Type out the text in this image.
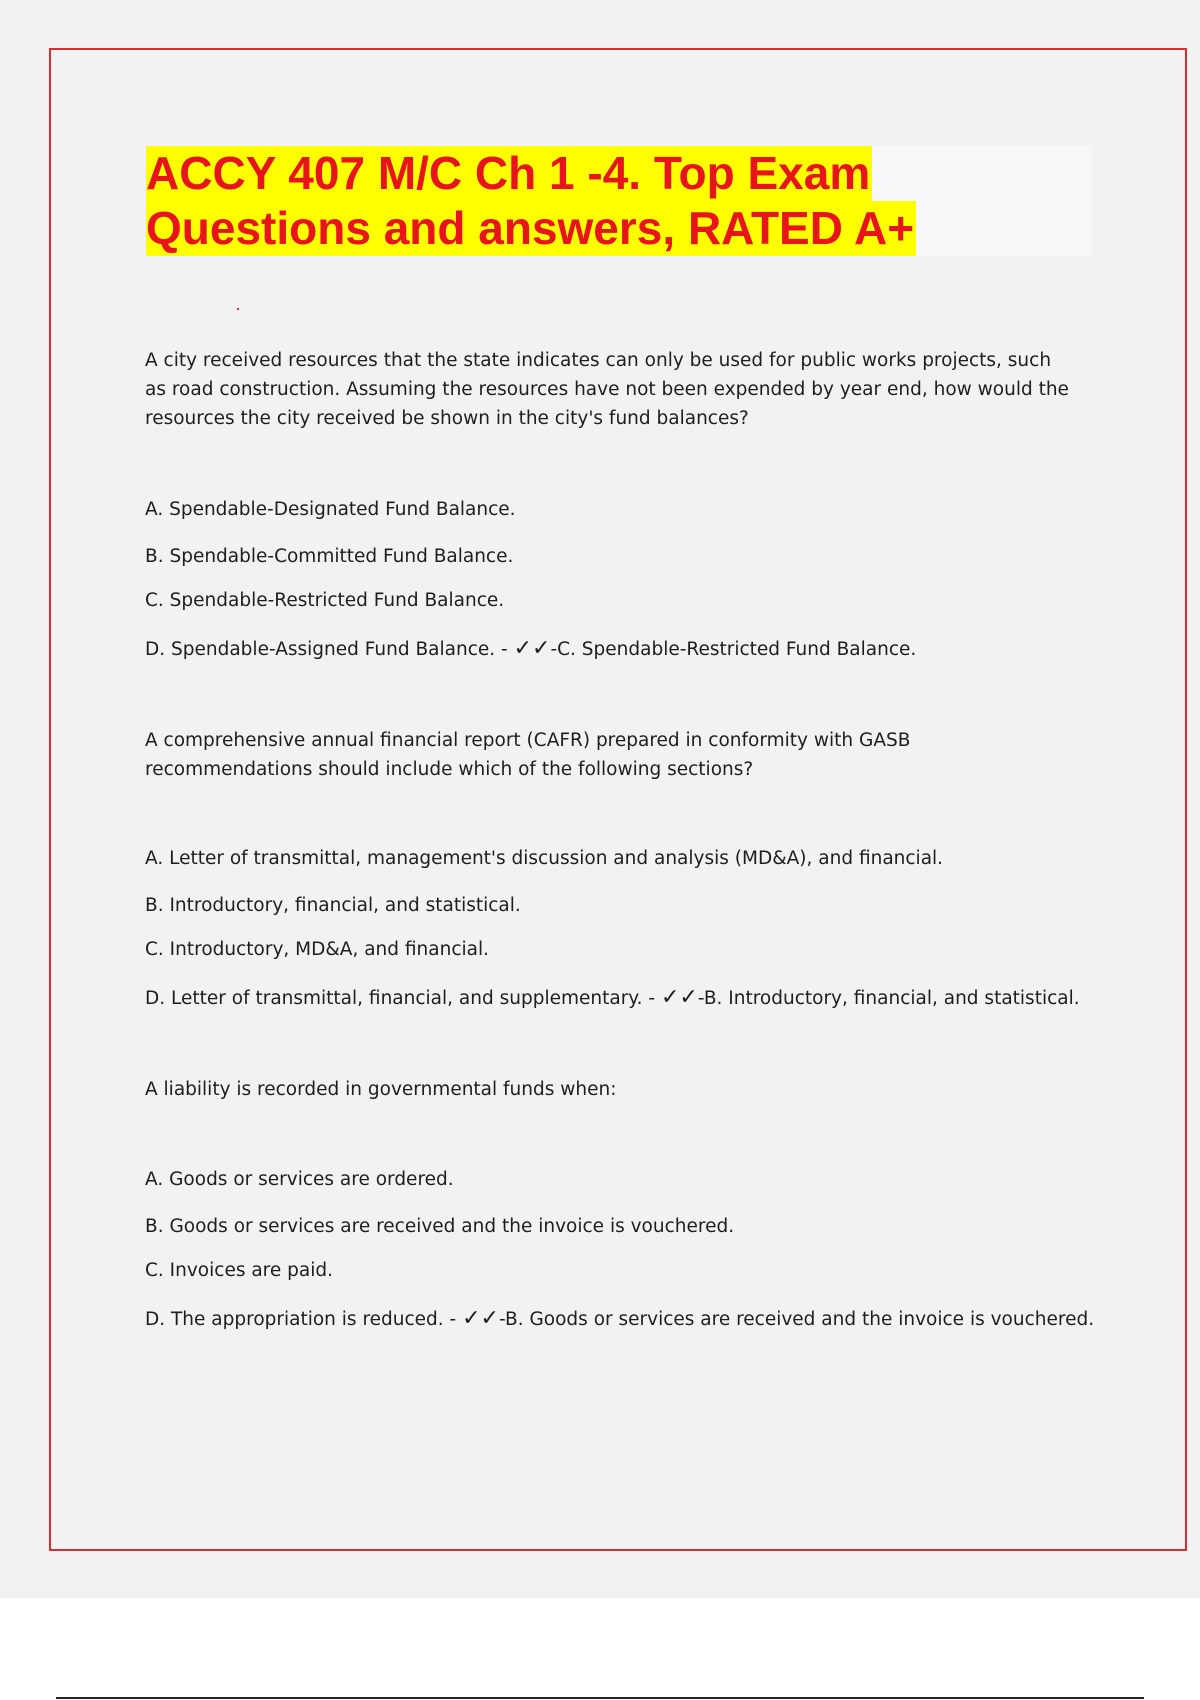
ACCY 407 M/C Ch 1 -4. Top Exam
Questions and answers, RATED A+

A city received resources that the state indicates can only be used for public works projects, such as road construction. Assuming the resources have not been expended by year end, how would the resources the city received be shown in the city's fund balances?

A. Spendable-Designated Fund Balance.

B. Spendable-Committed Fund Balance.

C. Spendable-Restricted Fund Balance.

D. Spendable-Assigned Fund Balance. - ✓✓-C. Spendable-Restricted Fund Balance.

A comprehensive annual financial report (CAFR) prepared in conformity with GASB recommendations should include which of the following sections?

A. Letter of transmittal, management's discussion and analysis (MD&A), and financial.

B. Introductory, financial, and statistical.

C. Introductory, MD&A, and financial.

D. Letter of transmittal, financial, and supplementary. - ✓✓-B. Introductory, financial, and statistical.

A liability is recorded in governmental funds when:

A. Goods or services are ordered.

B. Goods or services are received and the invoice is vouchered.

C. Invoices are paid.

D. The appropriation is reduced. - ✓✓-B. Goods or services are received and the invoice is vouchered.
